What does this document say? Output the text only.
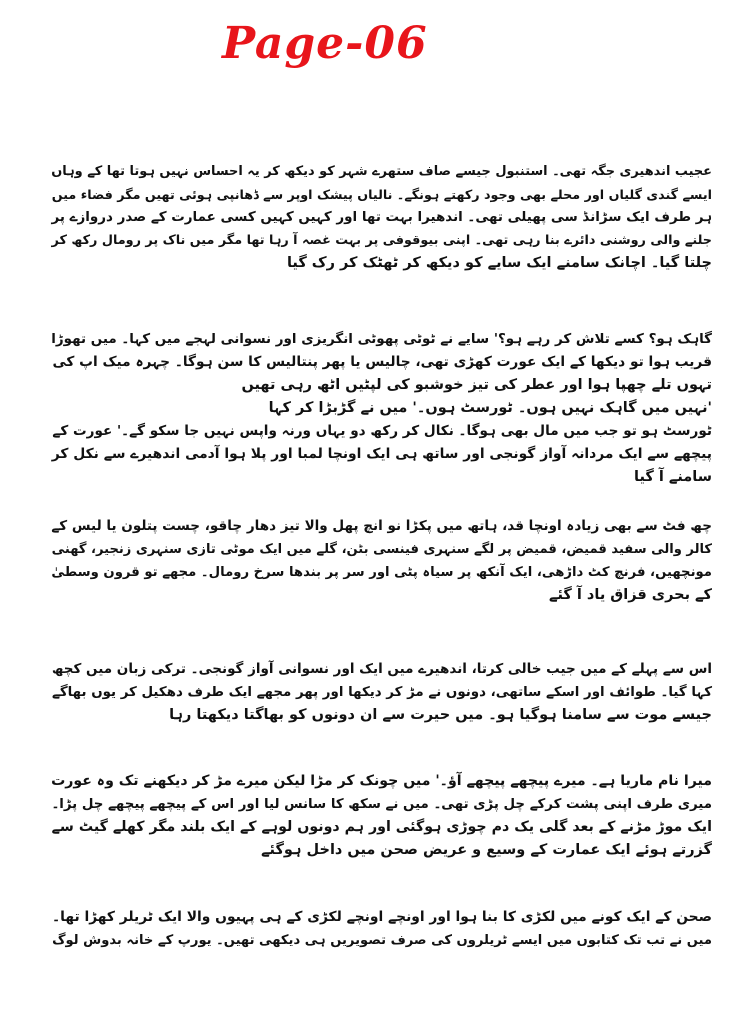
Page-06
عجیب اندھیری جگہ تھی۔ استنبول جیسے صاف ستھرے شہر کو دیکھ کر یہ احساس نہیں ہوتا تھا کے وہاں
ایسے گندی گلیاں اور محلے بھی وجود رکھتے ہونگے۔ نالیاں پیشک اوپر سے ڈھانپی ہوئی تھیں مگر فضاء میں
ہر طرف ایک سڑانڈ سی پھیلی تھی۔ اندھیرا بہت تھا اور کہیں کہیں کسی عمارت کے صدر دروازے پر
جلنے والی روشنی دائرے بنا رہی تھی۔ اپنی بیوقوفی پر بہت غصہ آ رہا تھا مگر میں ناک پر رومال رکھ کر
چلتا گیا۔ اچانک سامنے ایک سایے کو دیکھ کر ٹھٹک کر رک گیا
گاہک ہو؟ کسے تلاش کر رہے ہو؟' سایے نے ٹوٹی پھوٹی انگریزی اور نسوانی لہجے میں کہا۔ میں تھوڑا
قریب ہوا تو دیکھا کے ایک عورت کھڑی تھی، چالیس یا پھر پنتالیس کا سن ہوگا۔ چہرہ میک اپ کی
تہوں تلے چھپا ہوا اور عطر کی تیز خوشبو کی لپٹیں اٹھ رہی تھیں
'نہیں میں گاہک نہیں ہوں۔ ٹورسٹ ہوں۔' میں نے گڑبڑا کر کہا
ٹورسٹ ہو تو جب میں مال بھی ہوگا۔ نکال کر رکھ دو یہاں ورنہ واپس نہیں جا سکو گے۔' عورت کے
پیچھے سے ایک مردانہ آواز گونجی اور ساتھ ہی ایک اونچا لمبا اور پلا ہوا آدمی اندھیرے سے نکل کر
سامنے آ گیا
چھ فٹ سے بھی زیادہ اونچا قد، ہاتھ میں پکڑا نو انچ پھل والا تیز دھار چاقو، چست پتلون یا لیس کے
کالر والی سفید قمیض، قمیض پر لگے سنہری فینسی بٹن، گلے میں ایک موٹی تازی سنہری زنجیر، گھنی
مونچھیں، فرنچ کٹ داڑھی، ایک آنکھ پر سیاہ پٹی اور سر پر بندھا سرخ رومال۔ مجھے تو قرون وسطیٰ
کے بحری قزاق یاد آ گئے
اس سے پہلے کے میں جیب خالی کرتا، اندھیرے میں ایک اور نسوانی آواز گونجی۔ ترکی زبان میں کچھ
کہا گیا۔ طوائف اور اسکے ساتھی، دونوں نے مڑ کر دیکھا اور پھر مجھے ایک طرف دھکیل کر یوں بھاگے
جیسے موت سے سامنا ہوگیا ہو۔ میں حیرت سے ان دونوں کو بھاگتا دیکھتا رہا
میرا نام ماریا ہے۔ میرے پیچھے پیچھے آؤ۔' میں چونک کر مڑا لیکن میرے مڑ کر دیکھنے تک وہ عورت
میری طرف اپنی پشت کرکے چل پڑی تھی۔ میں نے سکھ کا سانس لیا اور اس کے پیچھے پیچھے چل پڑا۔
ایک موڑ مڑنے کے بعد گلی یک دم چوڑی ہوگئی اور ہم دونوں لوہے کے ایک بلند مگر کھلے گیٹ سے
گزرتے ہوئے ایک عمارت کے وسیع و عریض صحن میں داخل ہوگئے
صحن کے ایک کونے میں لکڑی کا بنا ہوا اور اونچے اونچے لکڑی کے ہی پہیوں والا ایک ٹریلر کھڑا تھا۔
میں نے تب تک کتابوں میں ایسے ٹریلروں کی صرف تصویریں ہی دیکھی تھیں۔ یورپ کے خانہ بدوش لوگ
